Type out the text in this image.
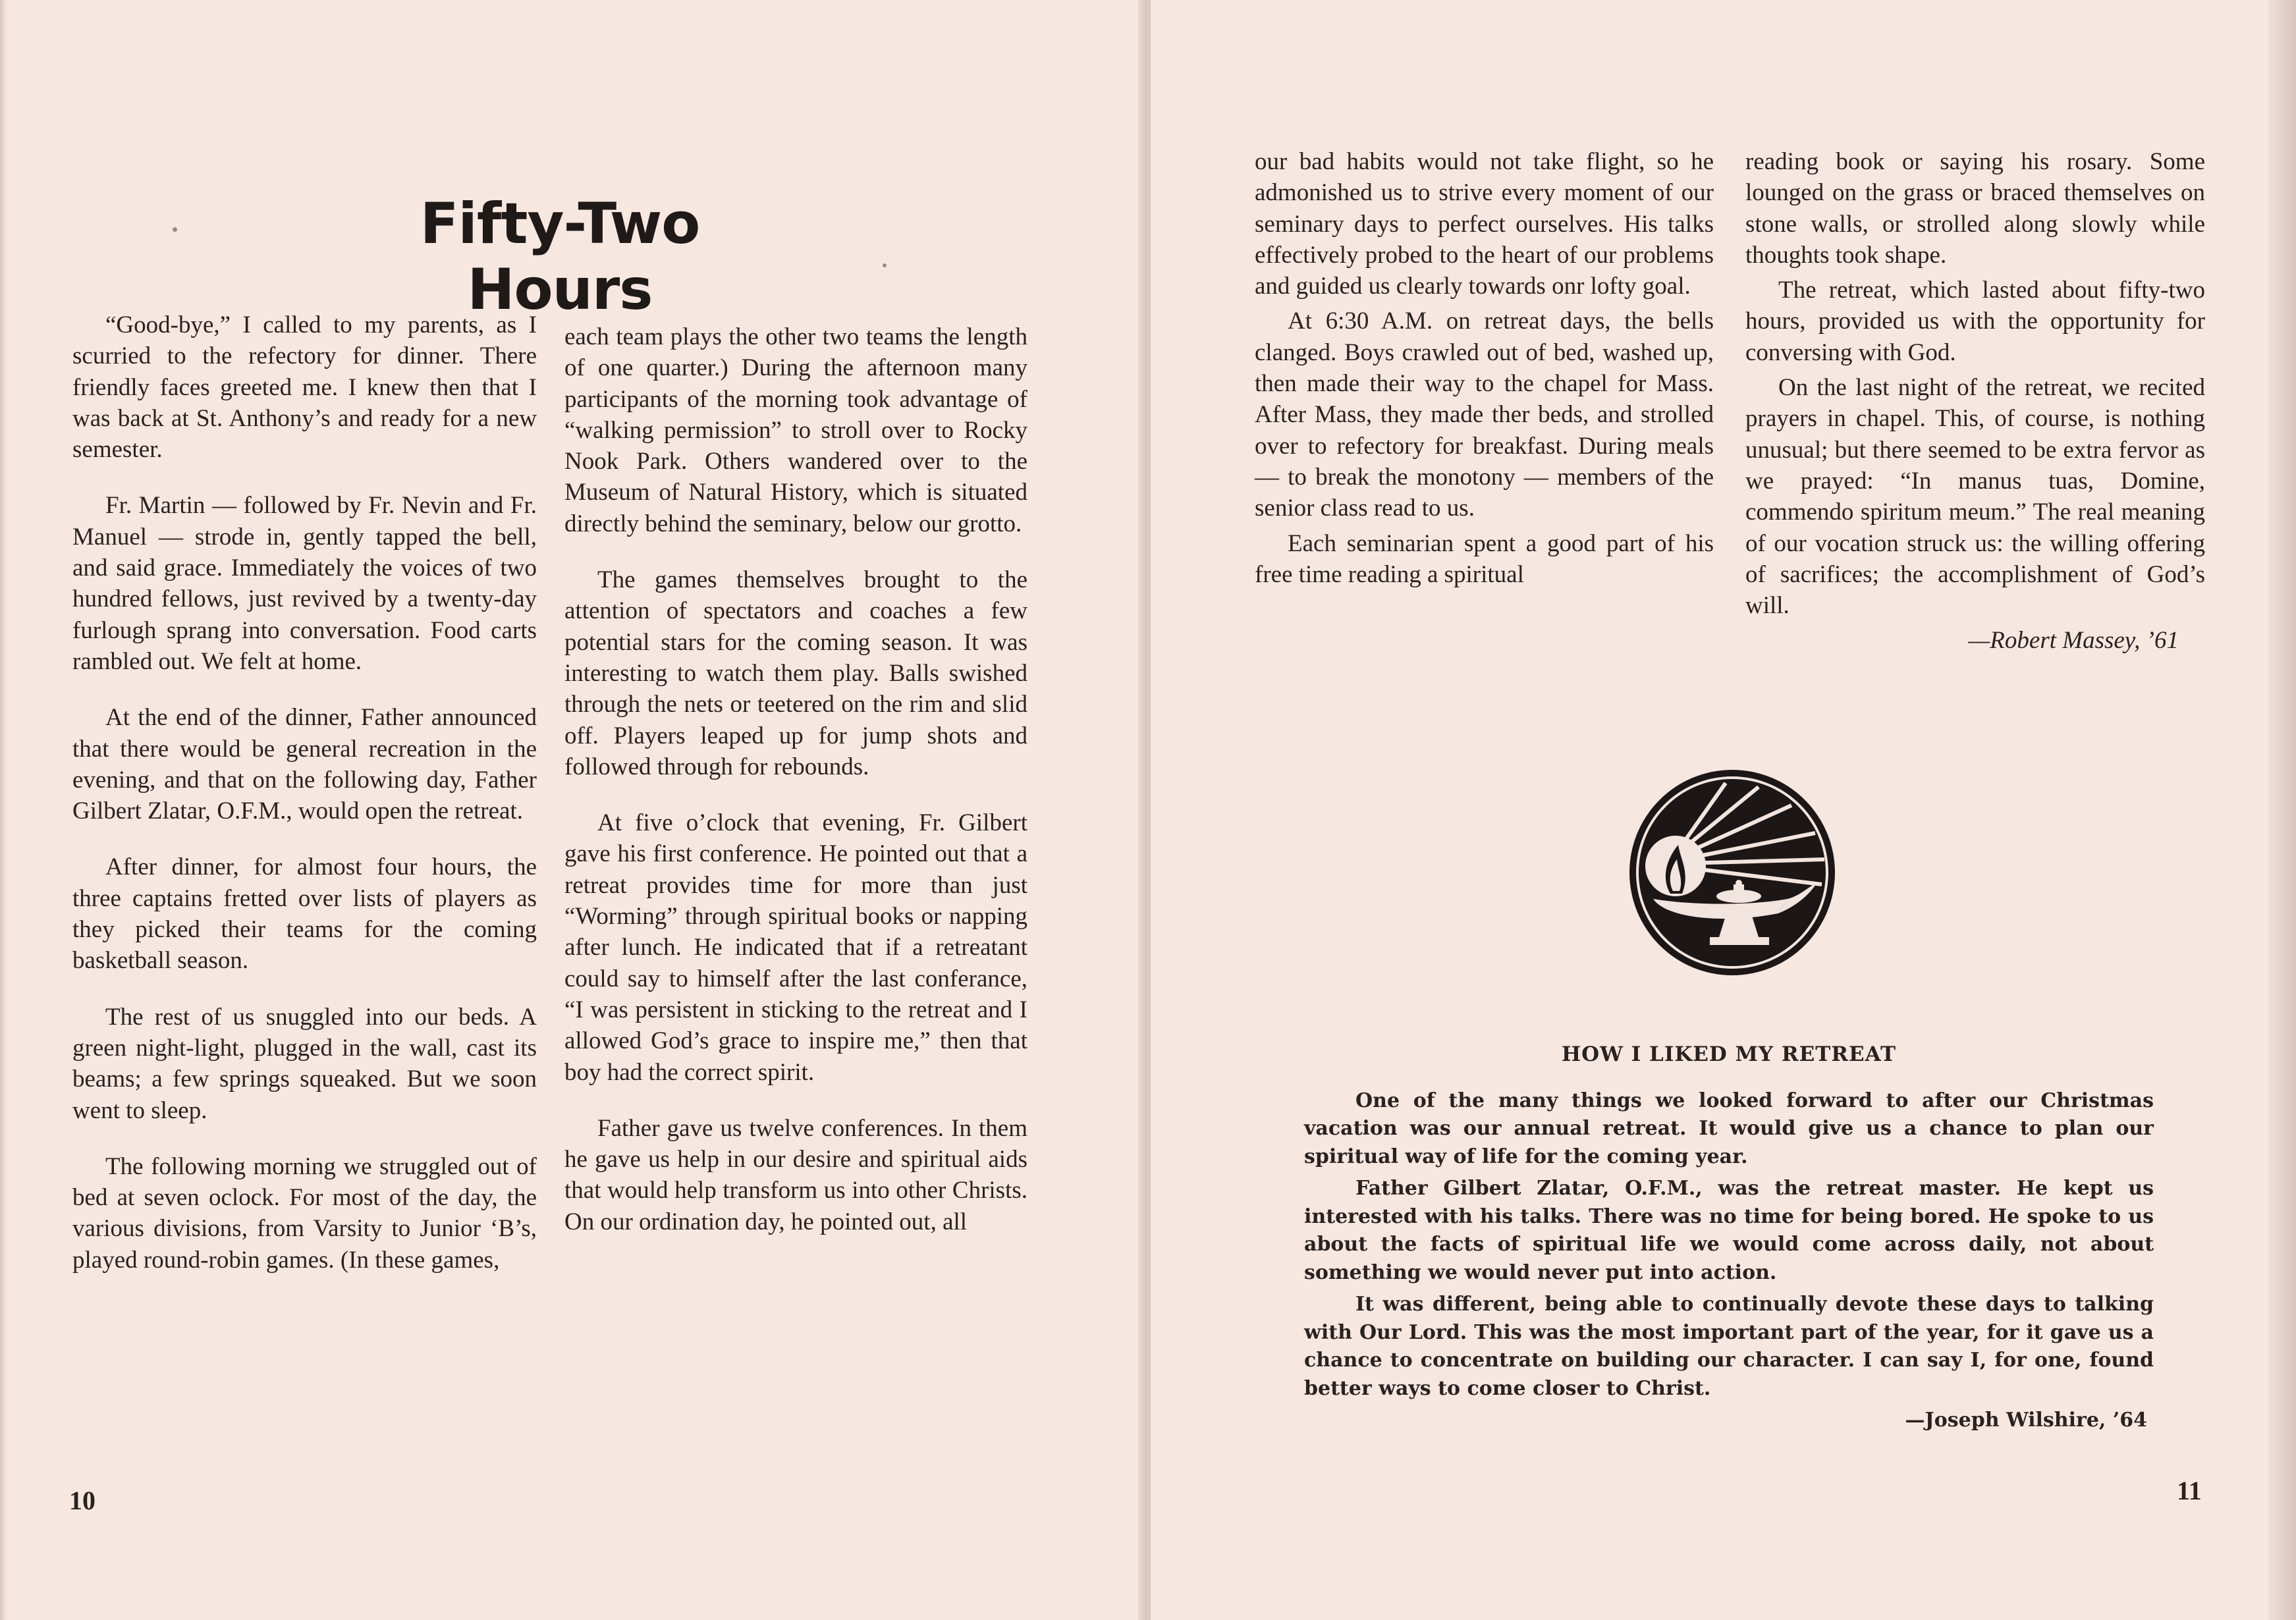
Fifty-Two Hours

“Good-bye,” I called to my parents, as I scurried to the refectory for dinner. There friendly faces greeted me. I knew then that I was back at St. Anthony’s and ready for a new semester.

Fr. Martin — followed by Fr. Nevin and Fr. Manuel — strode in, gently tapped the bell, and said grace. Immediately the voices of two hundred fellows, just revived by a twenty-day furlough sprang into conversation. Food carts rambled out. We felt at home.

At the end of the dinner, Father announced that there would be general recreation in the evening, and that on the following day, Father Gilbert Zlatar, O.F.M., would open the retreat.

After dinner, for almost four hours, the three captains fretted over lists of players as they picked their teams for the coming basketball season.

The rest of us snuggled into our beds. A green night-light, plugged in the wall, cast its beams; a few springs squeaked. But we soon went to sleep.

The following morning we struggled out of bed at seven oclock. For most of the day, the various divisions, from Varsity to Junior ‘B’s, played round-robin games. (In these games,

each team plays the other two teams the length of one quarter.) During the afternoon many participants of the morning took advantage of “walking permission” to stroll over to Rocky Nook Park. Others wandered over to the Museum of Natural History, which is situated directly behind the seminary, below our grotto.

The games themselves brought to the attention of spectators and coaches a few potential stars for the coming season. It was interesting to watch them play. Balls swished through the nets or teetered on the rim and slid off. Players leaped up for jump shots and followed through for rebounds.

At five o’clock that evening, Fr. Gilbert gave his first conference. He pointed out that a retreat provides time for more than just “Worming” through spiritual books or napping after lunch. He indicated that if a retreatant could say to himself after the last conferance, “I was persistent in sticking to the retreat and I allowed God’s grace to inspire me,” then that boy had the correct spirit.

Father gave us twelve conferences. In them he gave us help in our desire and spiritual aids that would help transform us into other Christs. On our ordination day, he pointed out, all

10

our bad habits would not take flight, so he admonished us to strive every moment of our seminary days to perfect ourselves. His talks effectively probed to the heart of our problems and guided us clearly towards onr lofty goal.

At 6:30 A.M. on retreat days, the bells clanged. Boys crawled out of bed, washed up, then made their way to the chapel for Mass. After Mass, they made ther beds, and strolled over to refectory for breakfast. During meals — to break the monotony — members of the senior class read to us.

Each seminarian spent a good part of his free time reading a spiritual

reading book or saying his rosary. Some lounged on the grass or braced themselves on stone walls, or strolled along slowly while thoughts took shape.

The retreat, which lasted about fifty-two hours, provided us with the opportunity for conversing with God.

On the last night of the retreat, we recited prayers in chapel. This, of course, is nothing unusual; but there seemed to be extra fervor as we prayed: “In manus tuas, Domine, commendo spiritum meum.” The real meaning of our vocation struck us: the willing offering of sacrifices; the accomplishment of God’s will.

—Robert Massey, ’61
HOW I LIKED MY RETREAT

One of the many things we looked forward to after our Christmas vacation was our annual retreat. It would give us a chance to plan our spiritual way of life for the coming year.

Father Gilbert Zlatar, O.F.M., was the retreat master. He kept us interested with his talks. There was no time for being bored. He spoke to us about the facts of spiritual life we would come across daily, not about something we would never put into action.

It was different, being able to continually devote these days to talking with Our Lord. This was the most important part of the year, for it gave us a chance to concentrate on building our character. I can say I, for one, found better ways to come closer to Christ.

—Joseph Wilshire, ’64
11
